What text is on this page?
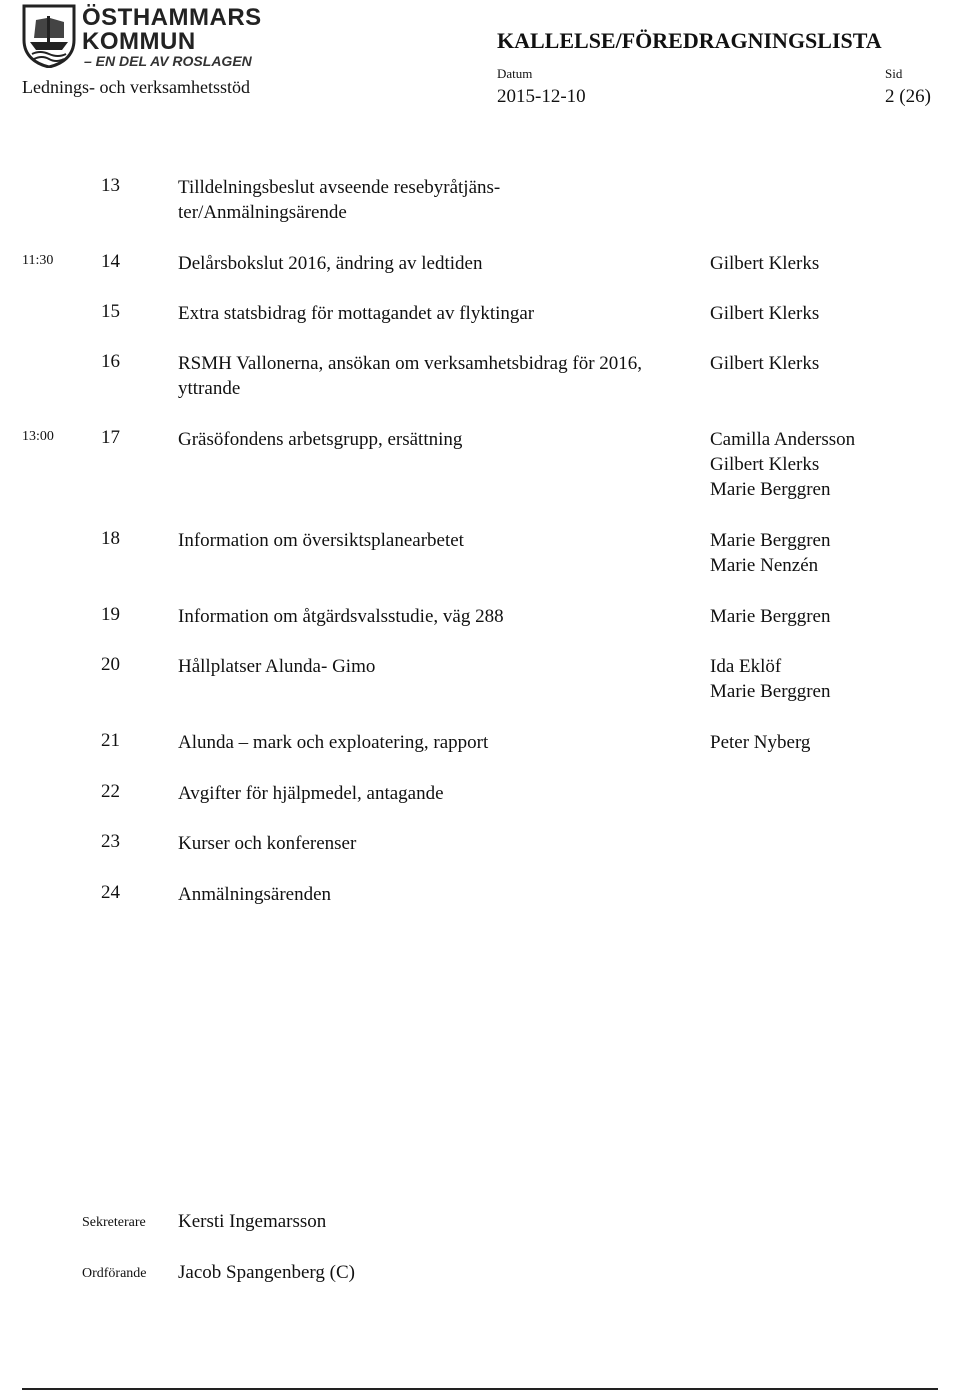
ÖSTHAMMARS
KOMMUN
– EN DEL AV ROSLAGEN
KALLELSE/FÖREDRAGNINGSLISTA
Lednings- och verksamhetsstöd
Datum
2015-12-10
Sid
2 (26)
13	Tilldelningsbeslut avseende resebyråtjäns-ter/Anmälningsärende
11:30	14	Delårsbokslut 2016, ändring av ledtiden	Gilbert Klerks
15	Extra statsbidrag för mottagandet av flyktingar	Gilbert Klerks
16	RSMH Vallonerna, ansökan om verksamhetsbidrag för 2016, yttrande
Gilbert Klerks
13:00 17	Gräsöfondens arbetsgrupp, ersättning	Camilla Andersson
Gilbert Klerks
Marie Berggren
18	Information om översiktsplanearbetet	Marie Berggren
Marie Nenzén
19	Information om åtgärdsvalsstudie, väg 288	Marie Berggren
20	Hållplatser Alunda- Gimo	Ida Eklöf
Marie Berggren
21	Alunda – mark och exploatering, rapport	Peter Nyberg
22	Avgifter för hjälpmedel, antagande
23	Kurser och konferenser
24	Anmälningsärenden
Sekreterare Kersti Ingemarsson
Ordförande Jacob Spangenberg (C)
